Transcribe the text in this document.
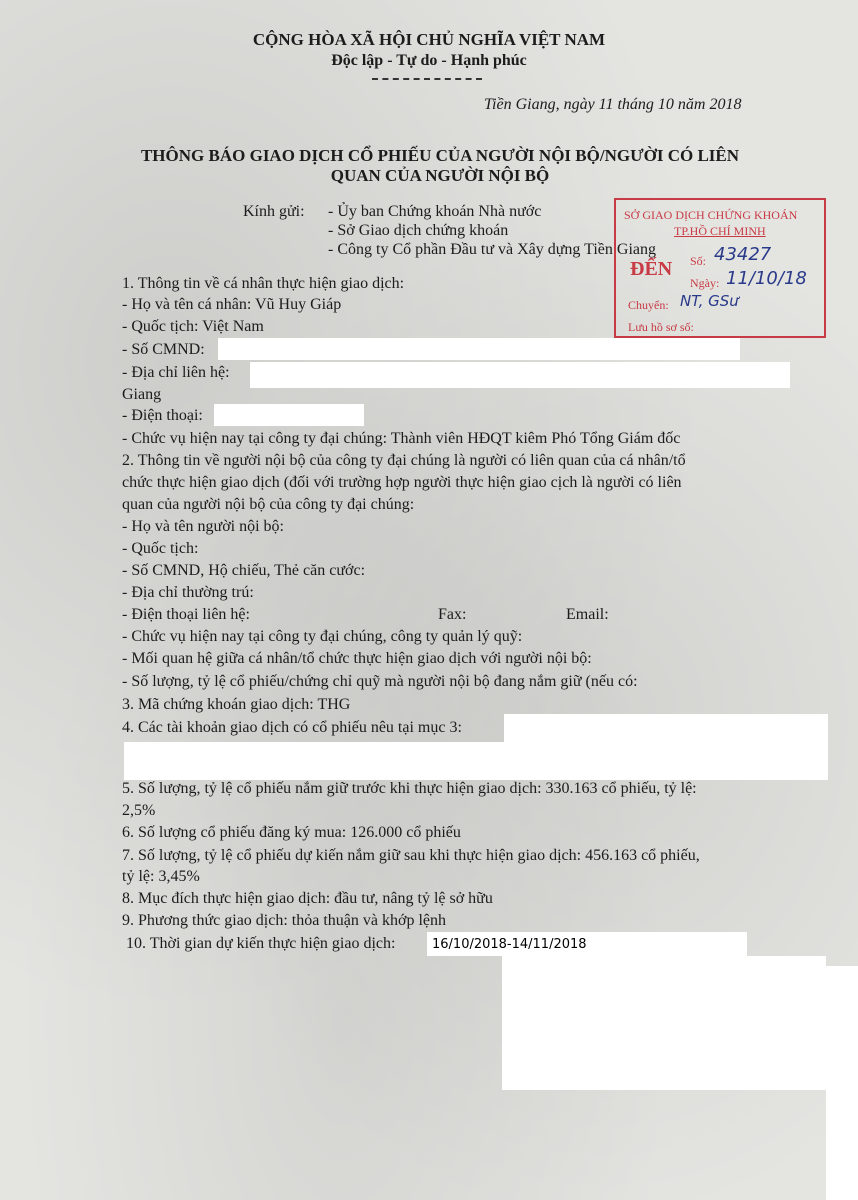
CỘNG HÒA XÃ HỘI CHỦ NGHĨA VIỆT NAM
Độc lập - Tự do - Hạnh phúc
Tiền Giang, ngày 11 tháng 10 năm 2018
THÔNG BÁO GIAO DỊCH CỔ PHIẾU CỦA NGƯỜI NỘI BỘ/NGƯỜI CÓ LIÊN
QUAN CỦA NGƯỜI NỘI BỘ
Kính gửi: - Ủy ban Chứng khoán Nhà nước
- Sở Giao dịch chứng khoán
- Công ty Cổ phần Đầu tư và Xây dựng Tiền Giang
SỞ GIAO DỊCH CHỨNG KHOÁN
TP.HỒ CHÍ MINH
ĐẾN Số: 43427
Ngày: 11/10/18
Chuyển: NT, GSư
Lưu hồ sơ số:
1. Thông tin về cá nhân thực hiện giao dịch:
- Họ và tên cá nhân: Vũ Huy Giáp
- Quốc tịch: Việt Nam
- Số CMND:
- Địa chỉ liên hệ:
Giang
- Điện thoại:
- Chức vụ hiện nay tại công ty đại chúng: Thành viên HĐQT kiêm Phó Tổng Giám đốc
2. Thông tin về người nội bộ của công ty đại chúng là người có liên quan của cá nhân/tổ
chức thực hiện giao dịch (đối với trường hợp người thực hiện giao cịch là người có liên
quan của người nội bộ của công ty đại chúng:
- Họ và tên người nội bộ:
- Quốc tịch:
- Số CMND, Hộ chiếu, Thẻ căn cước:
- Địa chỉ thường trú:
- Điện thoại liên hệ:	Fax:	Email:
- Chức vụ hiện nay tại công ty đại chúng, công ty quản lý quỹ:
- Mối quan hệ giữa cá nhân/tổ chức thực hiện giao dịch với người nội bộ:
- Số lượng, tỷ lệ cổ phiếu/chứng chỉ quỹ mà người nội bộ đang nắm giữ (nếu có:
3. Mã chứng khoán giao dịch: THG
4. Các tài khoản giao dịch có cổ phiếu nêu tại mục 3:
5. Số lượng, tỷ lệ cổ phiếu nắm giữ trước khi thực hiện giao dịch: 330.163 cổ phiếu, tỷ lệ:
2,5%
6. Số lượng cổ phiếu đăng ký mua: 126.000 cổ phiếu
7. Số lượng, tỷ lệ cổ phiếu dự kiến nắm giữ sau khi thực hiện giao dịch: 456.163 cổ phiếu,
tỷ lệ: 3,45%
8. Mục đích thực hiện giao dịch: đầu tư, nâng tỷ lệ sở hữu
9. Phương thức giao dịch: thỏa thuận và khớp lệnh
10. Thời gian dự kiến thực hiện giao dịch:	16/10/2018-14/11/2018
